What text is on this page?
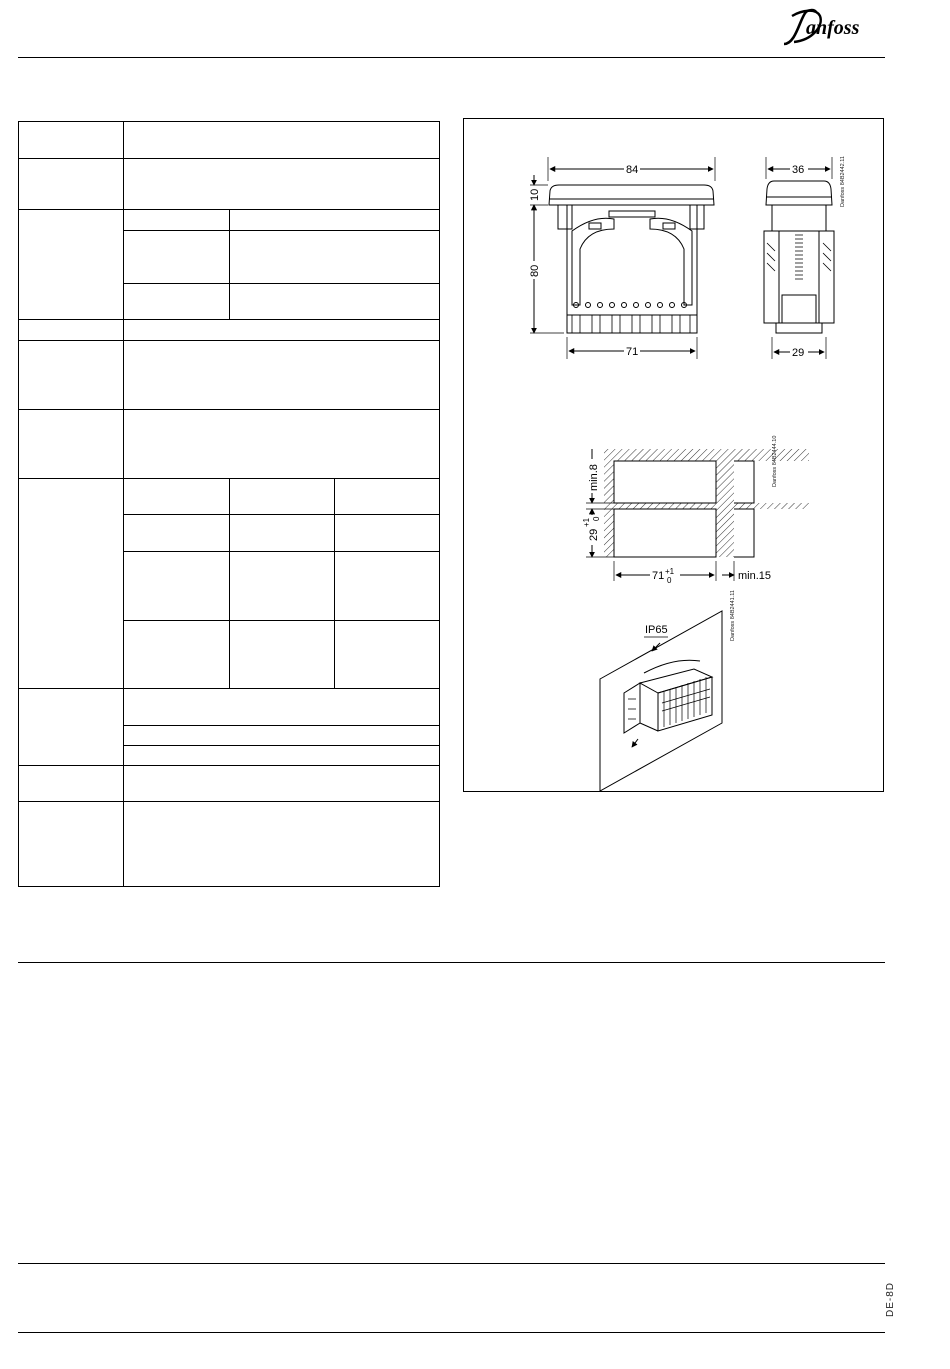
anfoss

84
71
80
10
36
29
Danfoss 84B2442.11
min.8
29
+1 0
71 +1
0	min.15
Danfoss 84B2444.10
IP65	Danfoss 84B2441.11
DE-8D
